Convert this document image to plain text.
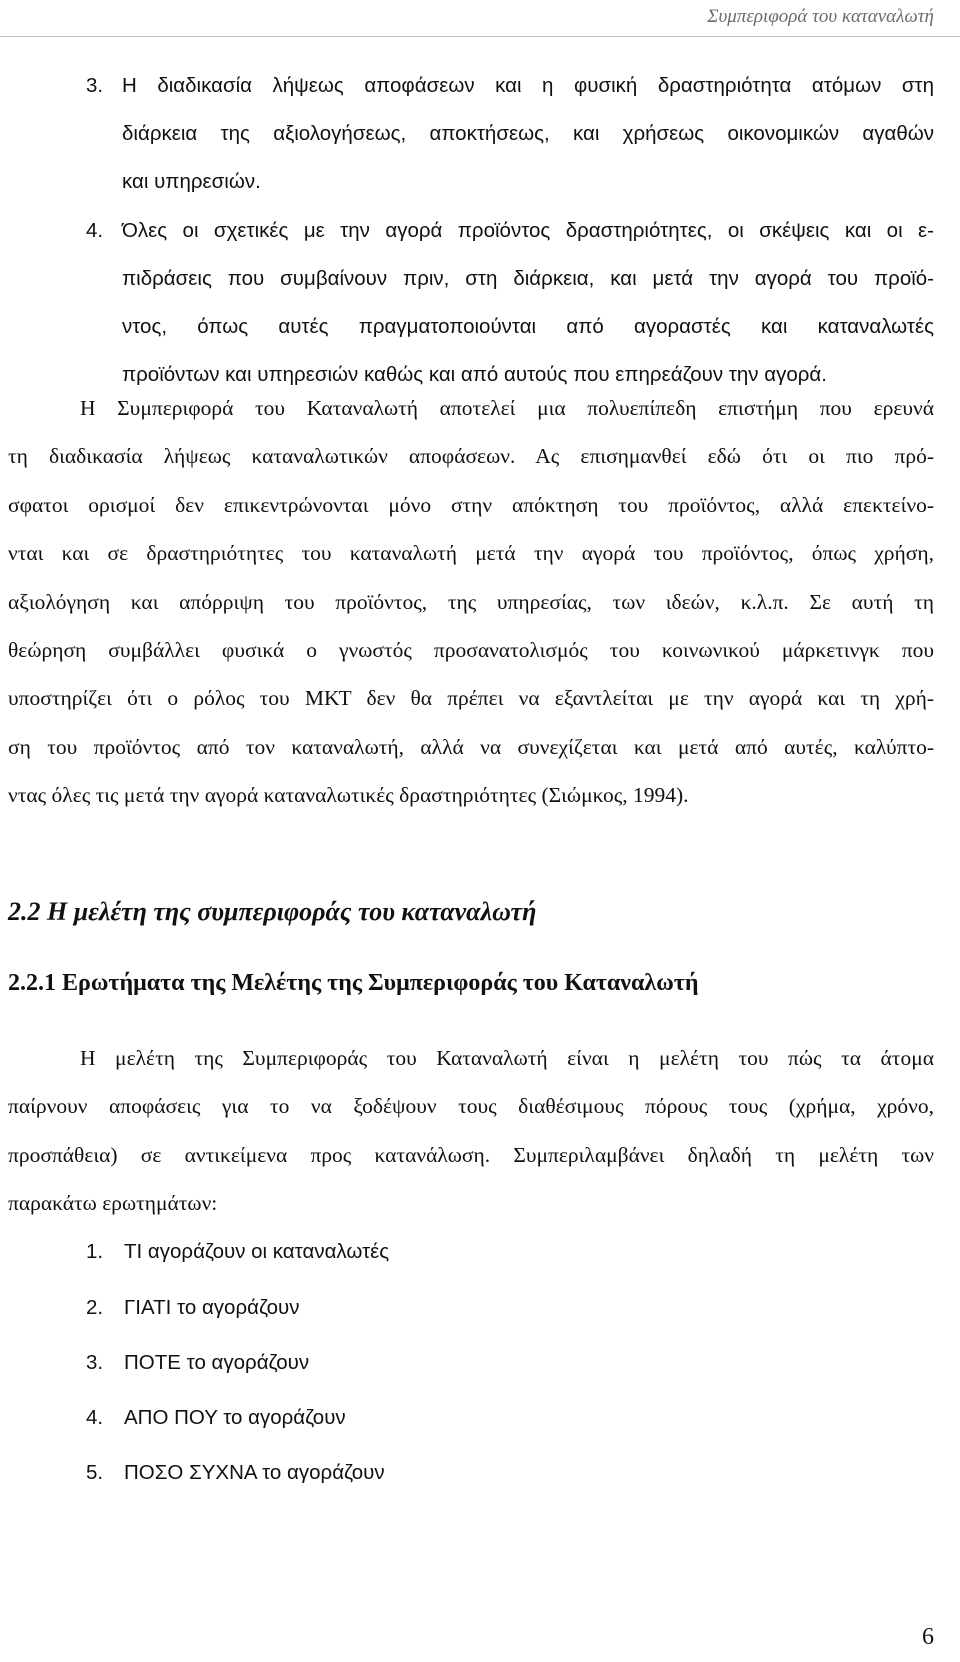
Συμπεριφορά του καταναλωτή
3. Η διαδικασία λήψεως αποφάσεων και η φυσική δραστηριότητα ατόμων στη
διάρκεια της αξιολογήσεως, αποκτήσεως, και χρήσεως οικονομικών αγαθών
και υπηρεσιών.
4. Όλες οι σχετικές με την αγορά προϊόντος δραστηριότητες, οι σκέψεις και οι ε-
πιδράσεις που συμβαίνουν πριν, στη διάρκεια, και μετά την αγορά του προϊό-
ντος, όπως αυτές πραγματοποιούνται από αγοραστές και καταναλωτές
προϊόντων και υπηρεσιών καθώς και από αυτούς που επηρεάζουν την αγορά.
Η Συμπεριφορά του Καταναλωτή αποτελεί μια πολυεπίπεδη επιστήμη που ερευνά
τη διαδικασία λήψεως καταναλωτικών αποφάσεων. Ας επισημανθεί εδώ ότι οι πιο πρό-
σφατοι ορισμοί δεν επικεντρώνονται μόνο στην απόκτηση του προϊόντος, αλλά επεκτείνο-
νται και σε δραστηριότητες του καταναλωτή μετά την αγορά του προϊόντος, όπως χρήση,
αξιολόγηση και απόρριψη του προϊόντος, της υπηρεσίας, των ιδεών, κ.λ.π. Σε αυτή τη
θεώρηση συμβάλλει φυσικά ο γνωστός προσανατολισμός του κοινωνικού μάρκετινγκ που
υποστηρίζει ότι ο ρόλος του ΜΚΤ δεν θα πρέπει να εξαντλείται με την αγορά και τη χρή-
ση του προϊόντος από τον καταναλωτή, αλλά να συνεχίζεται και μετά από αυτές, καλύπτο-
ντας όλες τις μετά την αγορά καταναλωτικές δραστηριότητες (Σιώμκος, 1994).
2.2 Η μελέτη της συμπεριφοράς του καταναλωτή
2.2.1 Ερωτήματα της Μελέτης της Συμπεριφοράς του Καταναλωτή
Η μελέτη της Συμπεριφοράς του Καταναλωτή είναι η μελέτη του πώς τα άτομα
παίρνουν αποφάσεις για το να ξοδέψουν τους διαθέσιμους πόρους τους (χρήμα, χρόνο,
προσπάθεια) σε αντικείμενα προς κατανάλωση. Συμπεριλαμβάνει δηλαδή τη μελέτη των
παρακάτω ερωτημάτων:
1. ΤΙ αγοράζουν οι καταναλωτές
2. ΓΙΑΤΙ το αγοράζουν
3. ΠΟΤΕ το αγοράζουν
4. ΑΠΟ ΠΟΥ το αγοράζουν
5. ΠΟΣΟ ΣΥΧΝΑ το αγοράζουν
6
